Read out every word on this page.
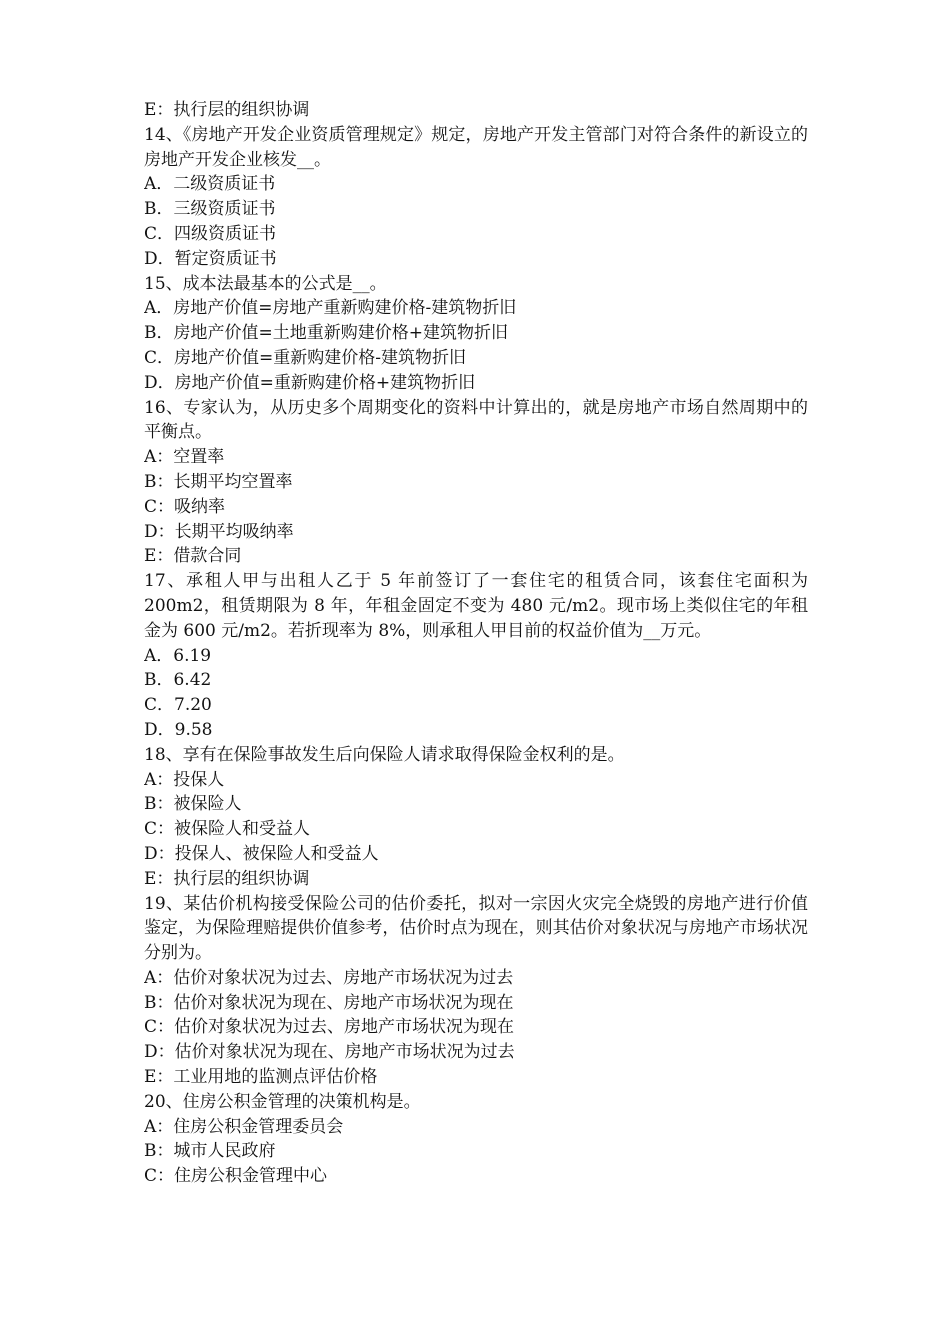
E：执行层的组织协调
14、《房地产开发企业资质管理规定》规定，房地产开发主管部门对符合条件的新设立的房地产开发企业核发__。
A．二级资质证书
B．三级资质证书
C．四级资质证书
D．暂定资质证书
15、成本法最基本的公式是__。
A．房地产价值=房地产重新购建价格-建筑物折旧
B．房地产价值=土地重新购建价格+建筑物折旧
C．房地产价值=重新购建价格-建筑物折旧
D．房地产价值=重新购建价格+建筑物折旧
16、专家认为，从历史多个周期变化的资料中计算出的，就是房地产市场自然周期中的平衡点。
A：空置率
B：长期平均空置率
C：吸纳率
D：长期平均吸纳率
E：借款合同
17、承租人甲与出租人乙于 5 年前签订了一套住宅的租赁合同，该套住宅面积为 200m2，租赁期限为 8 年，年租金固定不变为 480 元/m2。现市场上类似住宅的年租金为 600 元/m2。若折现率为 8%，则承租人甲目前的权益价值为__万元。
A．6.19
B．6.42
C．7.20
D．9.58
18、享有在保险事故发生后向保险人请求取得保险金权利的是。
A：投保人
B：被保险人
C：被保险人和受益人
D：投保人、被保险人和受益人
E：执行层的组织协调
19、某估价机构接受保险公司的估价委托，拟对一宗因火灾完全烧毁的房地产进行价值鉴定，为保险理赔提供价值参考，估价时点为现在，则其估价对象状况与房地产市场状况分别为。
A：估价对象状况为过去、房地产市场状况为过去
B：估价对象状况为现在、房地产市场状况为现在
C：估价对象状况为过去、房地产市场状况为现在
D：估价对象状况为现在、房地产市场状况为过去
E：工业用地的监测点评估价格
20、住房公积金管理的决策机构是。
A：住房公积金管理委员会
B：城市人民政府
C：住房公积金管理中心
